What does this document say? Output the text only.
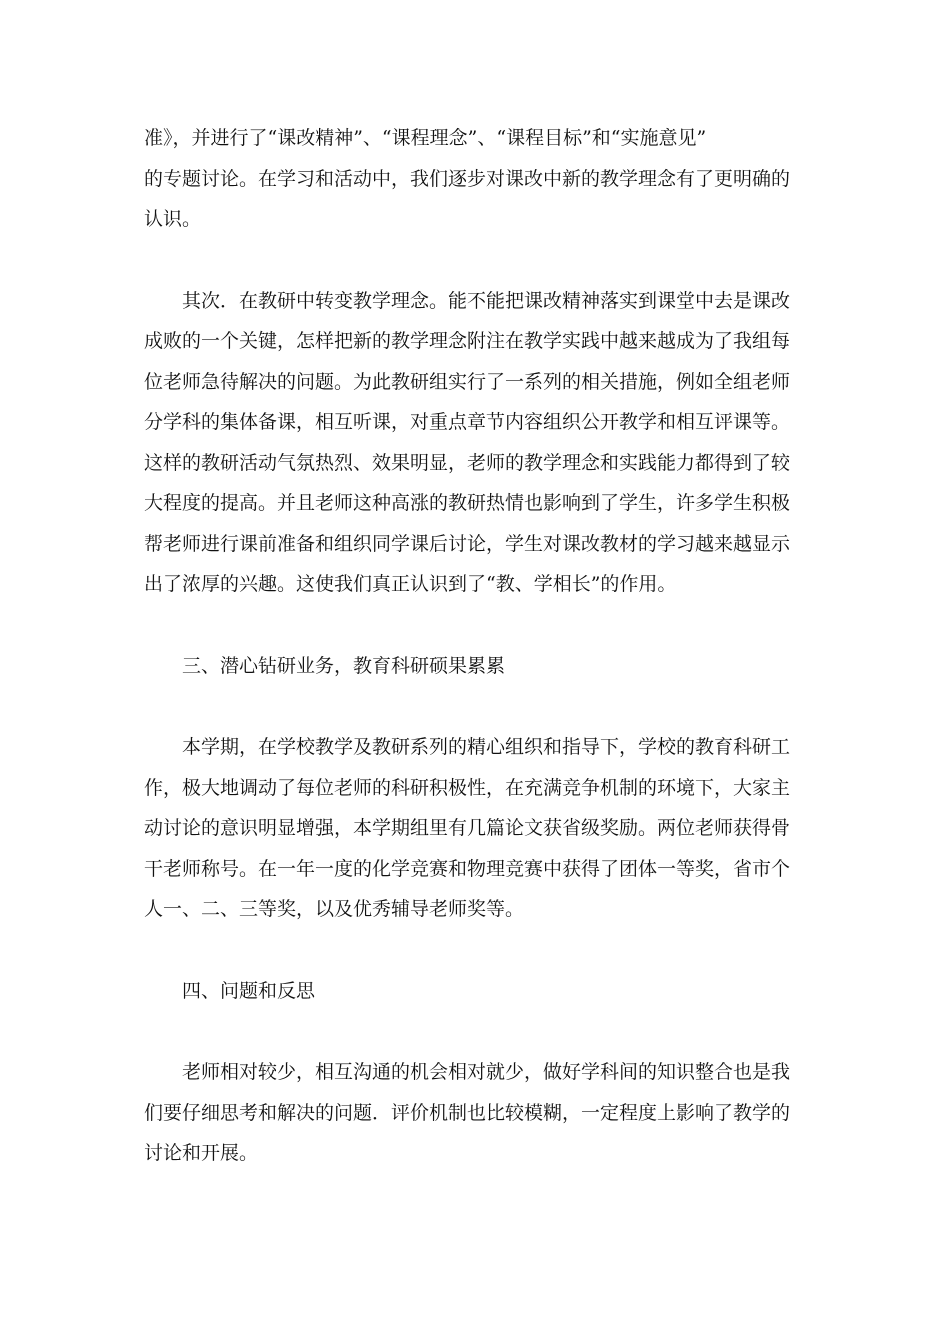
准》，并进行了“课改精神”、“课程理念”、“课程目标”和“实施意见”
的专题讨论。在学习和活动中，我们逐步对课改中新的教学理念有了更明确的
认识。

其次．在教研中转变教学理念。能不能把课改精神落实到课堂中去是课改
成败的一个关键，怎样把新的教学理念附注在教学实践中越来越成为了我组每
位老师急待解决的问题。为此教研组实行了一系列的相关措施，例如全组老师
分学科的集体备课，相互听课，对重点章节内容组织公开教学和相互评课等。
这样的教研活动气氛热烈、效果明显，老师的教学理念和实践能力都得到了较
大程度的提高。并且老师这种高涨的教研热情也影响到了学生，许多学生积极
帮老师进行课前准备和组织同学课后讨论，学生对课改教材的学习越来越显示
出了浓厚的兴趣。这使我们真正认识到了“教、学相长”的作用。

三、潜心钻研业务，教育科研硕果累累

本学期，在学校教学及教研系列的精心组织和指导下，学校的教育科研工
作，极大地调动了每位老师的科研积极性，在充满竞争机制的环境下，大家主
动讨论的意识明显增强，本学期组里有几篇论文获省级奖励。两位老师获得骨
干老师称号。在一年一度的化学竞赛和物理竞赛中获得了团体一等奖，省市个
人一、二、三等奖，以及优秀辅导老师奖等。

四、问题和反思

老师相对较少，相互沟通的机会相对就少，做好学科间的知识整合也是我
们要仔细思考和解决的问题．评价机制也比较模糊，一定程度上影响了教学的
讨论和开展。
